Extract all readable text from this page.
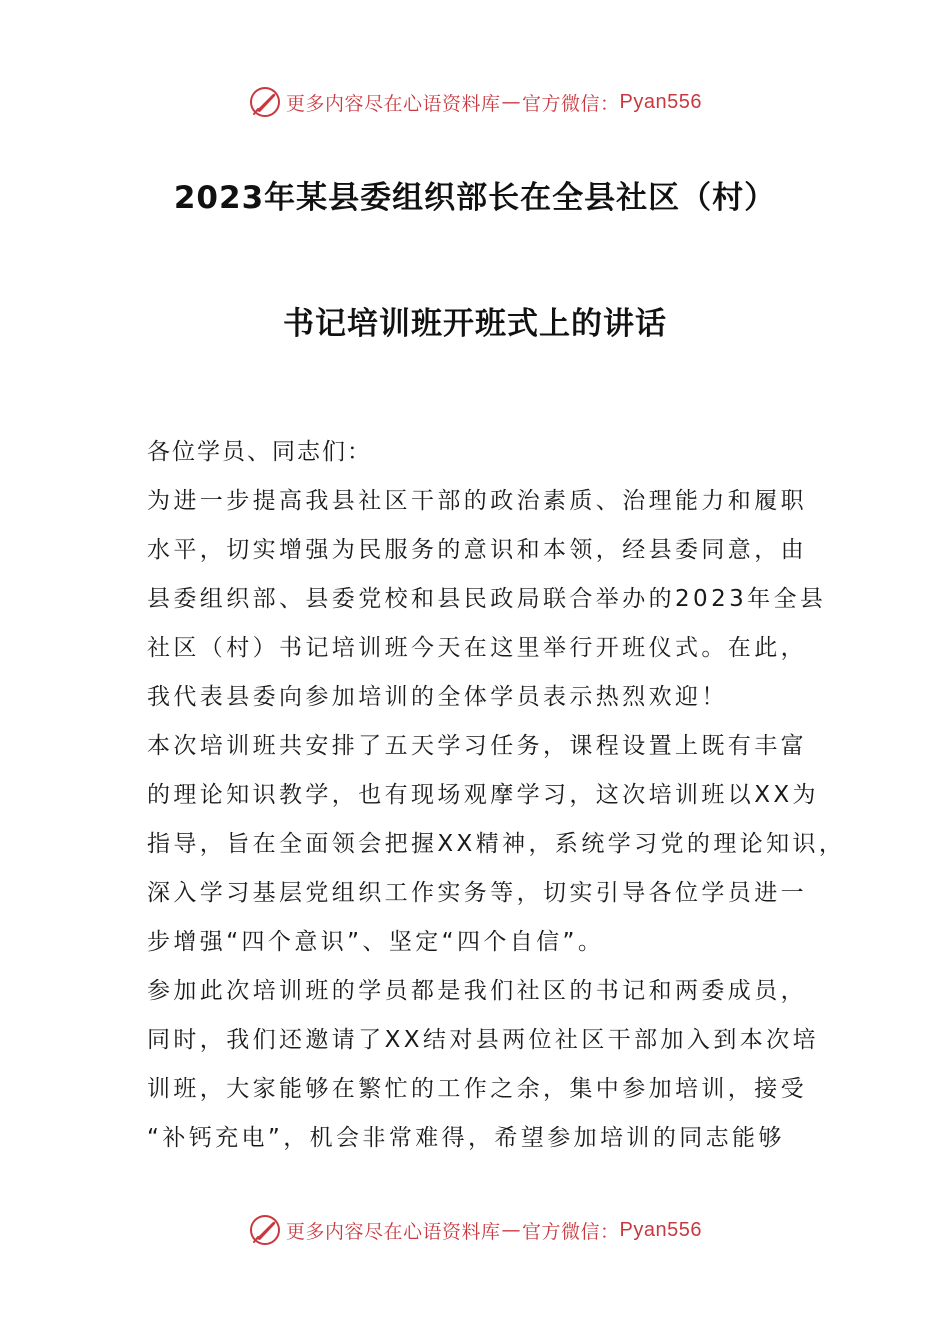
更多内容尽在心语资料库 — 官方微信： Pyan556
2023年某县委组织部长在全县社区（村）
书记培训班开班式上的讲话
各位学员、同志们：
为进一步提高我县社区干部的政治素质、治理能力和履职
水平，切实增强为民服务的意识和本领，经县委同意，由
县委组织部、县委党校和县民政局联合举办的2023年全县
社区（村）书记培训班今天在这里举行开班仪式。在此，
我代表县委向参加培训的全体学员表示热烈欢迎！
本次培训班共安排了五天学习任务，课程设置上既有丰富
的理论知识教学，也有现场观摩学习，这次培训班以XX为
指导，旨在全面领会把握XX精神，系统学习党的理论知识，
深入学习基层党组织工作实务等，切实引导各位学员进一
步增强“四个意识”、坚定“四个自信”。
参加此次培训班的学员都是我们社区的书记和两委成员，
同时，我们还邀请了XX结对县两位社区干部加入到本次培
训班，大家能够在繁忙的工作之余，集中参加培训，接受
“补钙充电”，机会非常难得，希望参加培训的同志能够
更多内容尽在心语资料库 — 官方微信： Pyan556
